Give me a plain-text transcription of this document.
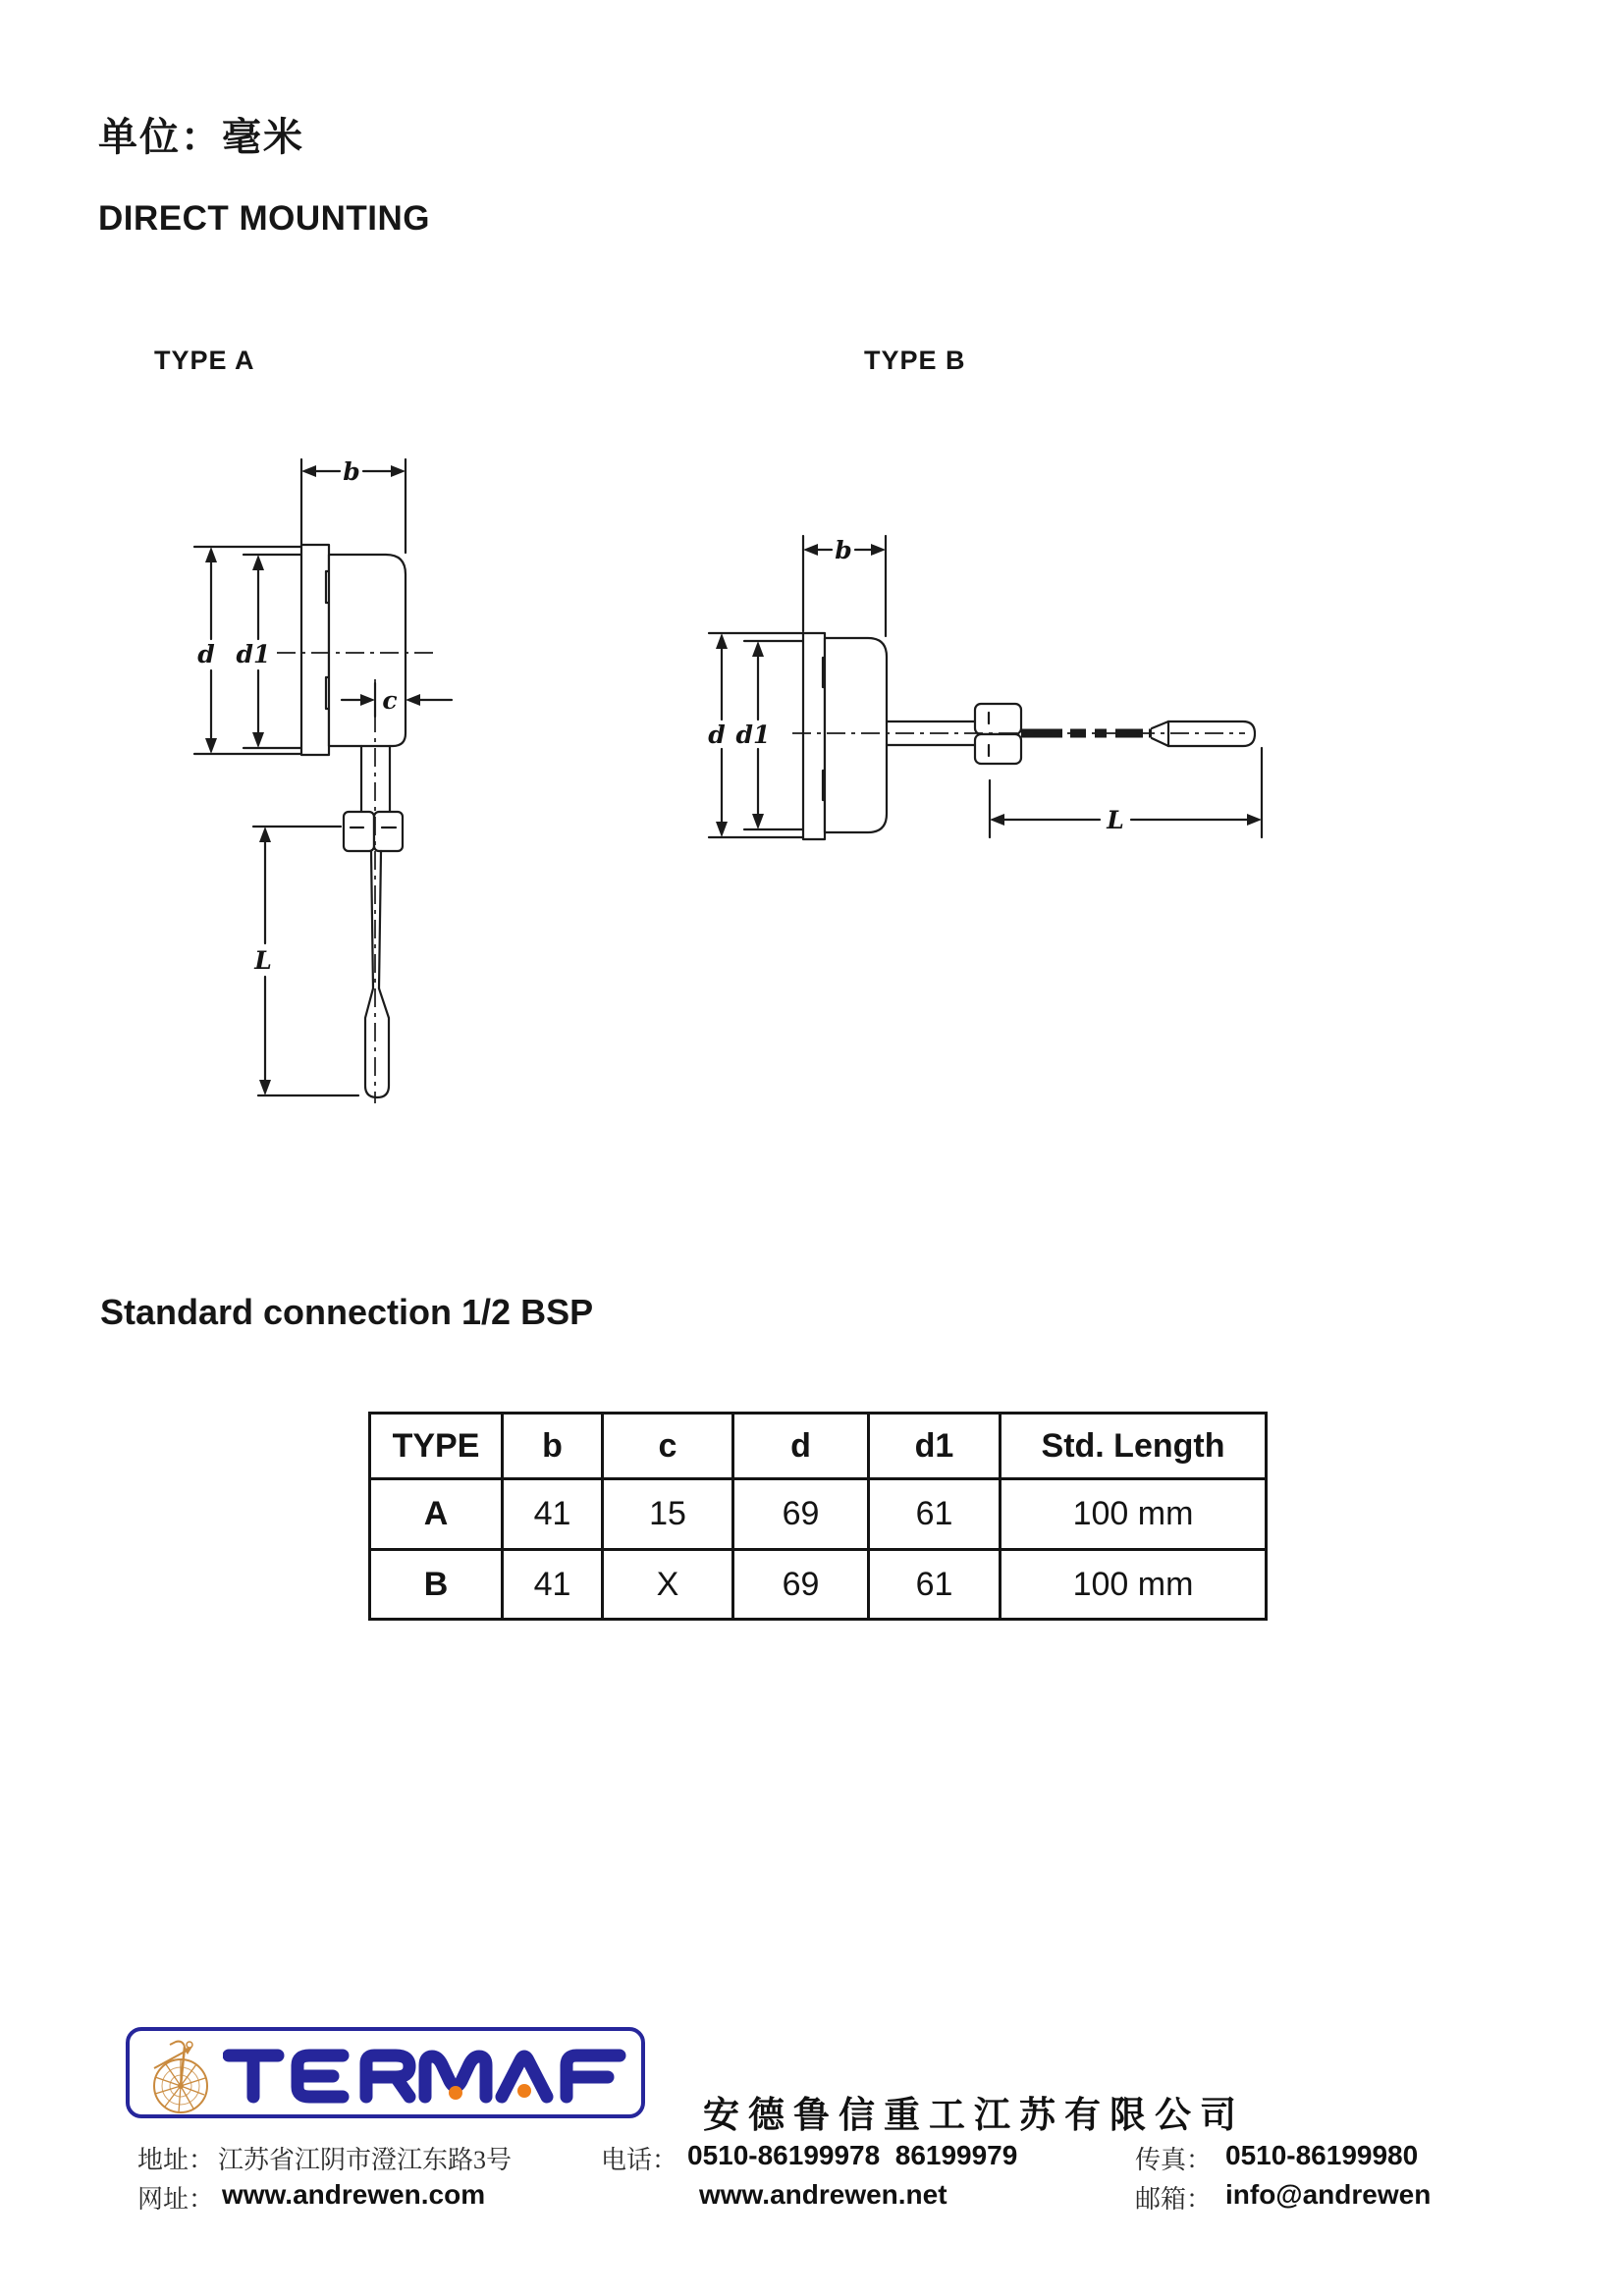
单位：毫米
DIRECT MOUNTING
TYPE A	TYPE B
b
d d1
c
L
b
d d1
L
Standard connection 1/2 BSP
TYPE	b	c	d	d1	Std. Length
A	41	15	69	61	100 mm
B	41	X	69	61	100 mm
安德鲁信重工江苏有限公司
地址： 江苏省江阴市澄江东路3号	电话： 0510-86199978  86199979	传真： 0510-86199980
网址： www.andrewen.com	www.andrewen.net	邮箱： info@andrewen
